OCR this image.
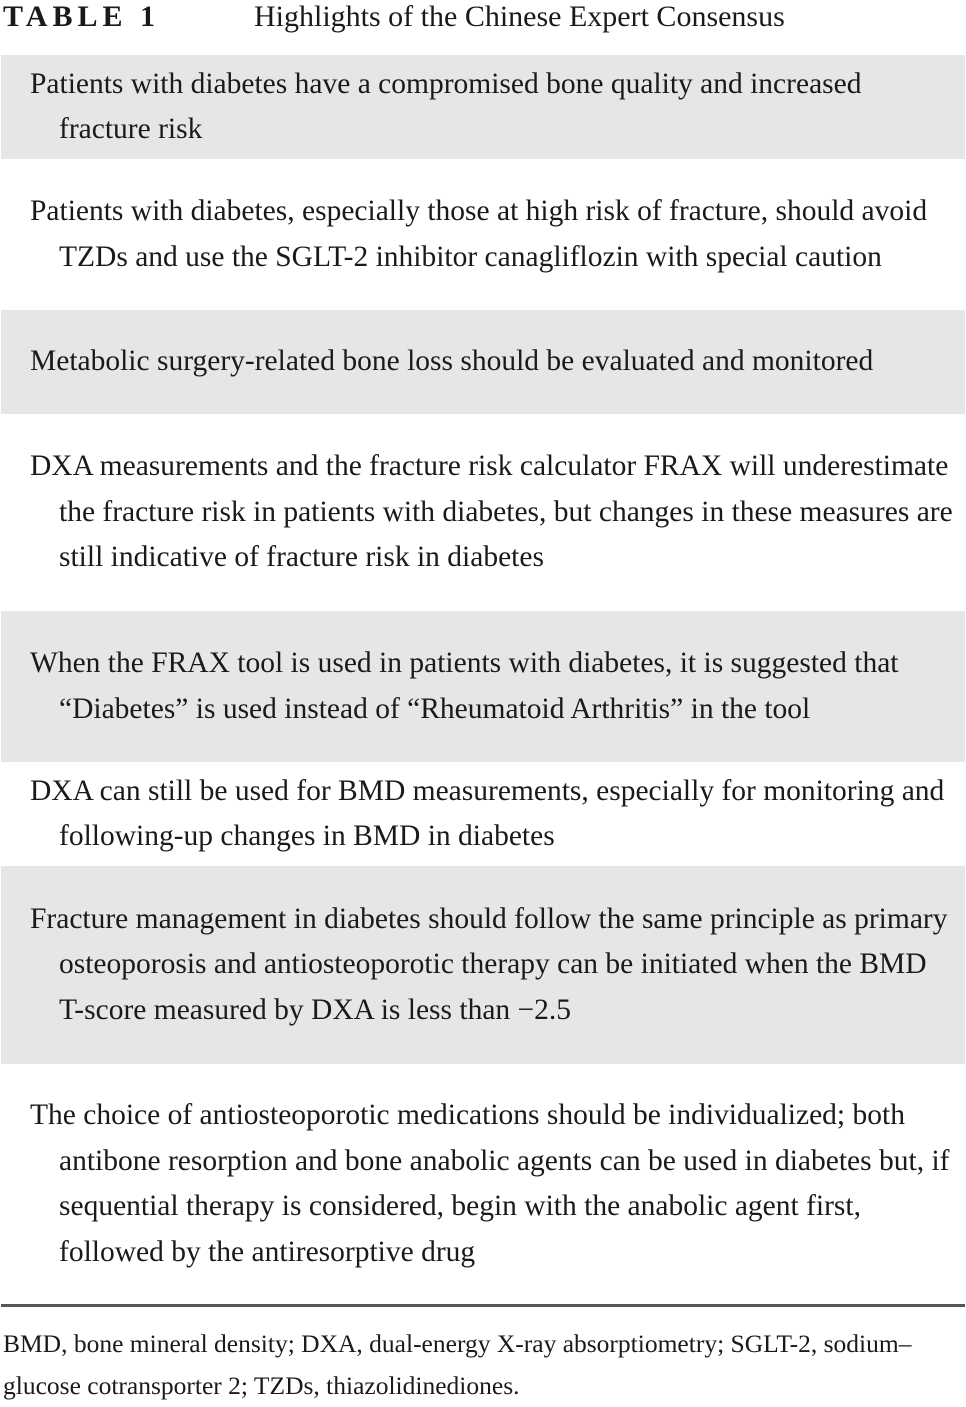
TABLE 1	Highlights of the Chinese Expert Consensus
Patients with diabetes have a compromised bone quality and increased fracture risk
Patients with diabetes, especially those at high risk of fracture, should avoid TZDs and use the SGLT-2 inhibitor canagliflozin with special caution
Metabolic surgery-related bone loss should be evaluated and monitored
DXA measurements and the fracture risk calculator FRAX will underestimate the fracture risk in patients with diabetes, but changes in these measures are still indicative of fracture risk in diabetes
When the FRAX tool is used in patients with diabetes, it is suggested that “Diabetes” is used instead of “Rheumatoid Arthritis” in the tool
DXA can still be used for BMD measurements, especially for monitoring and following-up changes in BMD in diabetes
Fracture management in diabetes should follow the same principle as primary osteoporosis and antiosteoporotic therapy can be initiated when the BMD T-score measured by DXA is less than −2.5
The choice of antiosteoporotic medications should be individualized; both antibone resorption and bone anabolic agents can be used in diabetes but, if sequential therapy is considered, begin with the anabolic agent first, followed by the antiresorptive drug
BMD, bone mineral density; DXA, dual-energy X-ray absorptiometry; SGLT-2, sodium–glucose cotransporter 2; TZDs, thiazolidinediones.
